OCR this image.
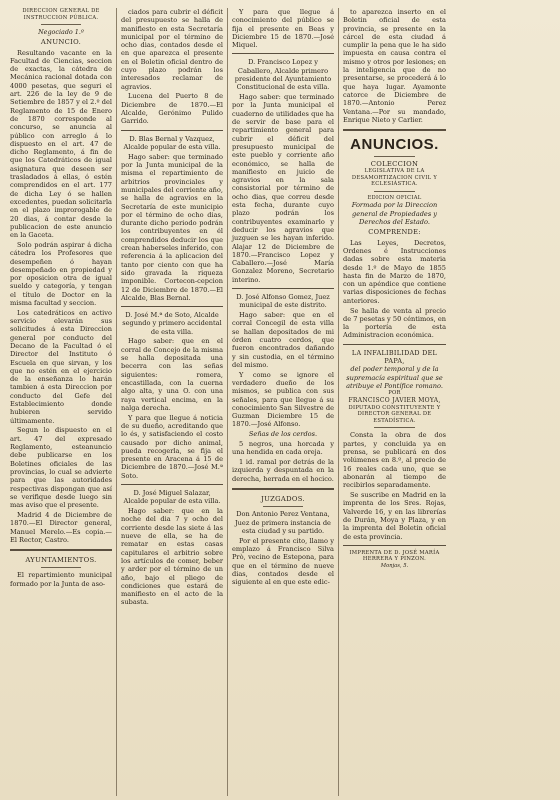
DIRECCION GENERAL DE INSTRUCCION PÚBLICA.
Negociado 1.º
ANUNCIO.

Resultando vacante en la Facultad de Ciencias, seccion de exactas, la cátedra de Mecánica racional dotada con 4000 pesetas, que seguri el art. 226 de la ley de 9 de Setiembre de 1857 y el 2.º del Reglamento de 15 de Enero de 1870 corresponde al concurso, se anuncia al público con arreglo á lo dispuesto en el art. 47 de dicho Reglamento, á fin de que los Catedráticos de igual asignatura que deseen ser trasladados á ellas, ó estén comprendidos en el art. 177 de dicha Ley ó se hallen excedentes, puedan solicitarla en el plazo improrogable de 20 dias, á contar desde la publicacion de este anuncio en la Gaceta.

Solo podrán aspirar á dicha cátedra los Profesores que desempeñen ó hayan desempeñado en propiedad y por oposicion otra de igual sueldo y categoría, y tengan el título de Doctor en la misma facultad y seccion.

Los catedráticos en activo servicio elevarán sus solicitudes á esta Direccion general por conducto del Decano de la Facultad ó el Director del Instituto ó Escuela en que sirvan, y los que no estén en el ejercicio de la enseñanza lo harán tambien á esta Direccion por conducto del Gefe del Establecimiento donde hubieren servido últimamente.

Segun lo dispuesto en el art. 47 del expresado Reglamento, esteanuncio debe publicarse en los Boletines oficiales de las provincias, lo cual se advierte para que las autoridades respectivas dispongan que así se verifique desde luego sin mas aviso que el presente.

Madrid 4 de Diciembre de 1870.—El Director general, Manuel Merelo.—Es copia.—El Rector, Castro.

AYUNTAMIENTOS.

El repartimiento municipal formado por la Junta de aso-

ciados para cubrir el déficit del presupuesto se halla de manifiesto en esta Secretaría municipal por el término de ocho dias, contados desde el en que aparezca el presente en el Boletin oficial dentro de cuyo plazo podrán los interesados reclamar de agravios.

Lucena del Puerto 8 de Diciembre de 1870.—El Alcalde, Gerónimo Pulido Garrido.

D. Blas Bernal y Vazquez, Alcalde popular de esta villa.

Hago saber: que terminado por la Junta municipal de la misma el repartimiento de arbitrios provinciales y municipales del corriente año, se halla de agravios en la Secretaría de este municipio por el término de ocho dias, durante dicho periodo podrán los contribuyentes en él comprendidos deducir los que crean haberseles inferido, con referencia á la aplicacion del tanto por ciento con que ha sido gravada la riqueza imponible. Cortecon-cepcion 12 de Diciembre de 1870.—El Alcalde, Blas Bernal.

D. José M.ª de Soto, Alcalde segundo y primero accidental de esta villa.

Hago saber: que en el corral de Concejo de la misma se halla depositada una becerra con las señas siguientes: romera, encastillada, con la cuerna algo alta, y una O. con una raya vertical encima, en la nalga derecha.

Y para que llegue á noticia de su dueño, acreditando que lo és, y satisfaciendo el costo causado por dicho animal, pueda recogerla, se fija el presente en Aracena á 15 de Diciembre de 1870.—José M.ª Soto.

D. José Miguel Salazar, Alcalde popular de esta villa.

Hago saber: que en la noche del dia 7 y ocho del corriente desde las siete á las nueve de ella, se ha de rematar en estas casas capitulares el arbitrio sobre los artículos de comer, beber y arder por el término de un año, bajo el pliego de condiciones que estará de manifiesto en el acto de la subasta.

Y para que llegue á conocimiento del público se fija el presente en Beas y Diciembre 15 de 1870.—José Miquel.

D. Francisco Lopez y Caballero, Alcalde primero presidente del Ayuntamiento Constitucional de esta villa.

Hago saber: que terminado por la Junta municipal el cuaderno de utilidades que ha de servir de base para el repartimiento general para cubrir el déficit del presupuesto municipal de este pueblo y corriente año económico, se halla de manifiesto en juicio de agravios en la sala consistorial por término de ocho dias, que correu desde esta fecha, durante cuyo plazo podrán los contribuyentes examinarlo y deducir los agravios que juzguen se les hayan inferido. Alajar 12 de Diciembre de 1870.—Francisco Lopez y Caballero.—José María Gonzalez Moreno, Secretario interino.

D. José Alfonso Gomez, Juez municipal de este distrito.

Hago saber: que en el corral Concegil de esta villa se hallan depositados de mi órden cuatro cerdos, que fueron encontrados dañando y sin custodia, en el término del mismo.

Y como se ignore el verdadero dueño de los mismos, se publica con sus señales, para que llegue á su conocimiento San Silvestre de Guzman Diciembre 15 de 1870.—José Alfonso.

Señas de los cerdos.

5 negros, una horcada y una hendida en cada oreja.

1 id. ramal por detrás de la izquierda y despuntada en la derecha, herrada en el hocico.

JUZGADOS.

Don Antonio Perez Ventana, Juez de primera instancia de esta ciudad y su partido.

Por el presente cito, llamo y emplazo á Francisco Silva Prò, vecino de Estepona, para que en el término de nueve dias, contados desde el siguiente al en que este edic-

to aparezca inserto en el Boletin oficial de esta provincia, se presente en la cárcel de esta ciudad á cumplir la pena que le ha sido impuesta en causa contra el mismo y otros por lesiones; en la inteligencia que de no presentarse, se procederá á lo que haya lugar. Ayamonte catorce de Diciembre de 1870.—Antonio Perez Ventana.—Por su mandado, Enrique Nieto y Carlier.

ANUNCIOS.
COLECCION
LEGISLATIVA DE LA DESAMORTIZACION CIVIL Y ECLESIÁSTICA.
EDICION OFICIAL
Formada por la Direccion general de Propiedades y Derechos del Estado.
COMPRENDE:

Las Leyes, Decretos, Ordenes é Instrucciones dadas sobre esta materia desde 1.º de Mayo de 1855 hasta fin de Marzo de 1870, con un apéndice que contiene varias disposiciones de fechas anteriores.

Se halla de venta al precio de 7 pesetas y 50 céntimos, en la portería de esta Administracion económica.

LA INFALIBILIDAD DEL PAPA,
del poder temporal y de la supremacía espiritual que se atribuye el Pontífice romano.
POR
FRANCISCO JAVIER MOYA,
DIPUTADO CONSTITUYENTE Y DIRECTOR GENERAL DE ESTADÍSTICA.

Consta la obra de dos partes, y concluida ya en prensa, se publicará en dos volúmenes en 8.º, al precio de 16 reales cada uno, que se abonarán al tiempo de recibirlos separadamente.

Se suscribe en Madrid en la imprenta de los Sres. Rojas, Valverde 16, y en las librerías de Durán, Moya y Plaza, y en la imprenta del Boletin oficial de esta provincia.

IMPRENTA DE D. JOSÉ MARÍA HERRERA Y PINZON.
Monjas, 5.
